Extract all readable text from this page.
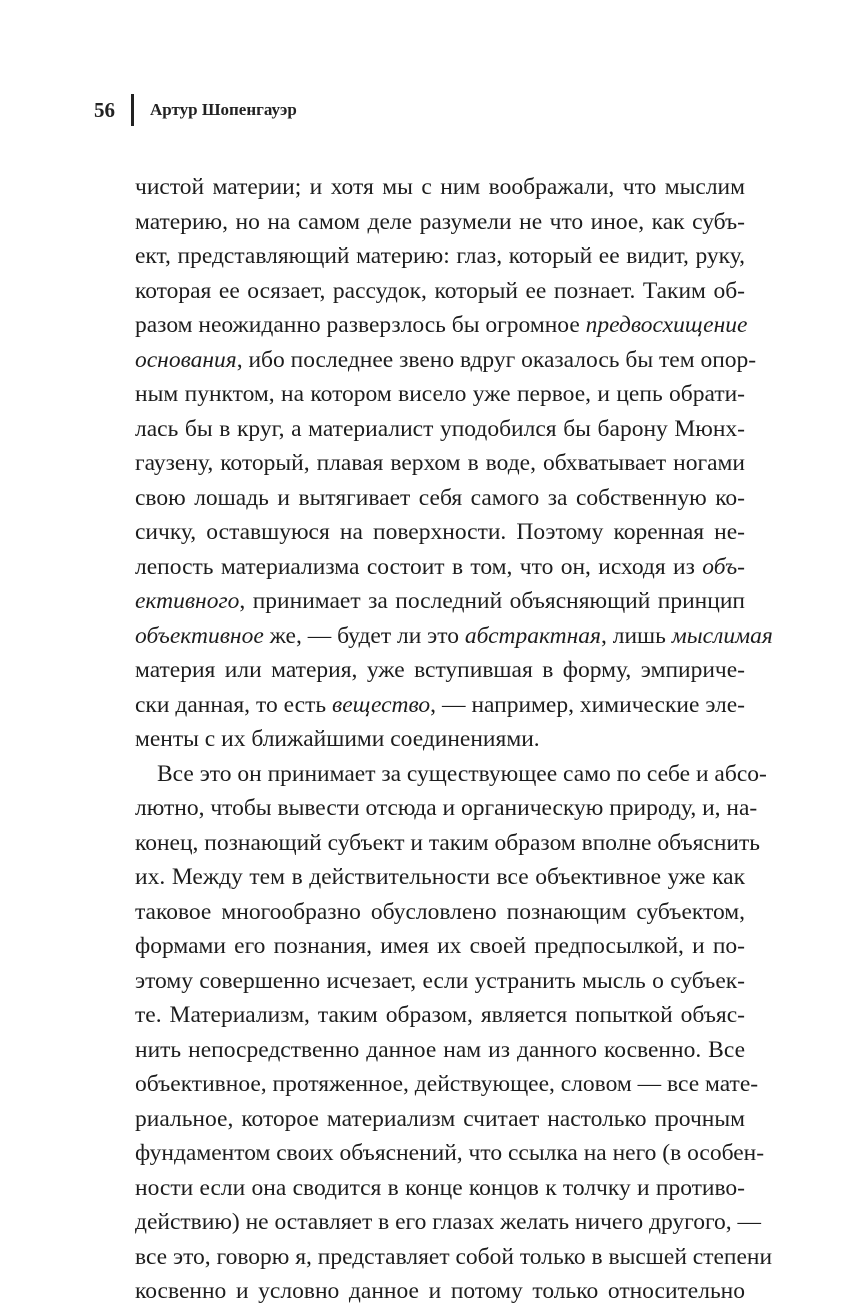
56 Артур Шопенгауэр
чистой материи; и хотя мы с ним воображали, что мыслим
материю, но на самом деле разумели не что иное, как субъ-
ект, представляющий материю: глаз, который ее видит, руку,
которая ее осязает, рассудок, который ее познает. Таким об-
разом неожиданно разверзлось бы огромное предвосхищение
основания, ибо последнее звено вдруг оказалось бы тем опор-
ным пунктом, на котором висело уже первое, и цепь обрати-
лась бы в круг, а материалист уподобился бы барону Мюнх-
гаузену, который, плавая верхом в воде, обхватывает ногами
свою лошадь и вытягивает себя самого за собственную ко-
сичку, оставшуюся на поверхности. Поэтому коренная не-
лепость материализма состоит в том, что он, исходя из объ-
ективного, принимает за последний объясняющий принцип
объективное же, — будет ли это абстрактная, лишь мыслимая
материя или материя, уже вступившая в форму, эмпириче-
ски данная, то есть вещество, — например, химические эле-
менты с их ближайшими соединениями.
Все это он принимает за существующее само по себе и абсо-
лютно, чтобы вывести отсюда и органическую природу, и, на-
конец, познающий субъект и таким образом вполне объяснить
их. Между тем в действительности все объективное уже как
таковое многообразно обусловлено познающим субъектом,
формами его познания, имея их своей предпосылкой, и по-
этому совершенно исчезает, если устранить мысль о субъек-
те. Материализм, таким образом, является попыткой объяс-
нить непосредственно данное нам из данного косвенно. Все
объективное, протяженное, действующее, словом — все мате-
риальное, которое материализм считает настолько прочным
фундаментом своих объяснений, что ссылка на него (в особен-
ности если она сводится в конце концов к толчку и противо-
действию) не оставляет в его глазах желать ничего другого, —
все это, говорю я, представляет собой только в высшей степени
косвенно и условно данное и потому только относительно
